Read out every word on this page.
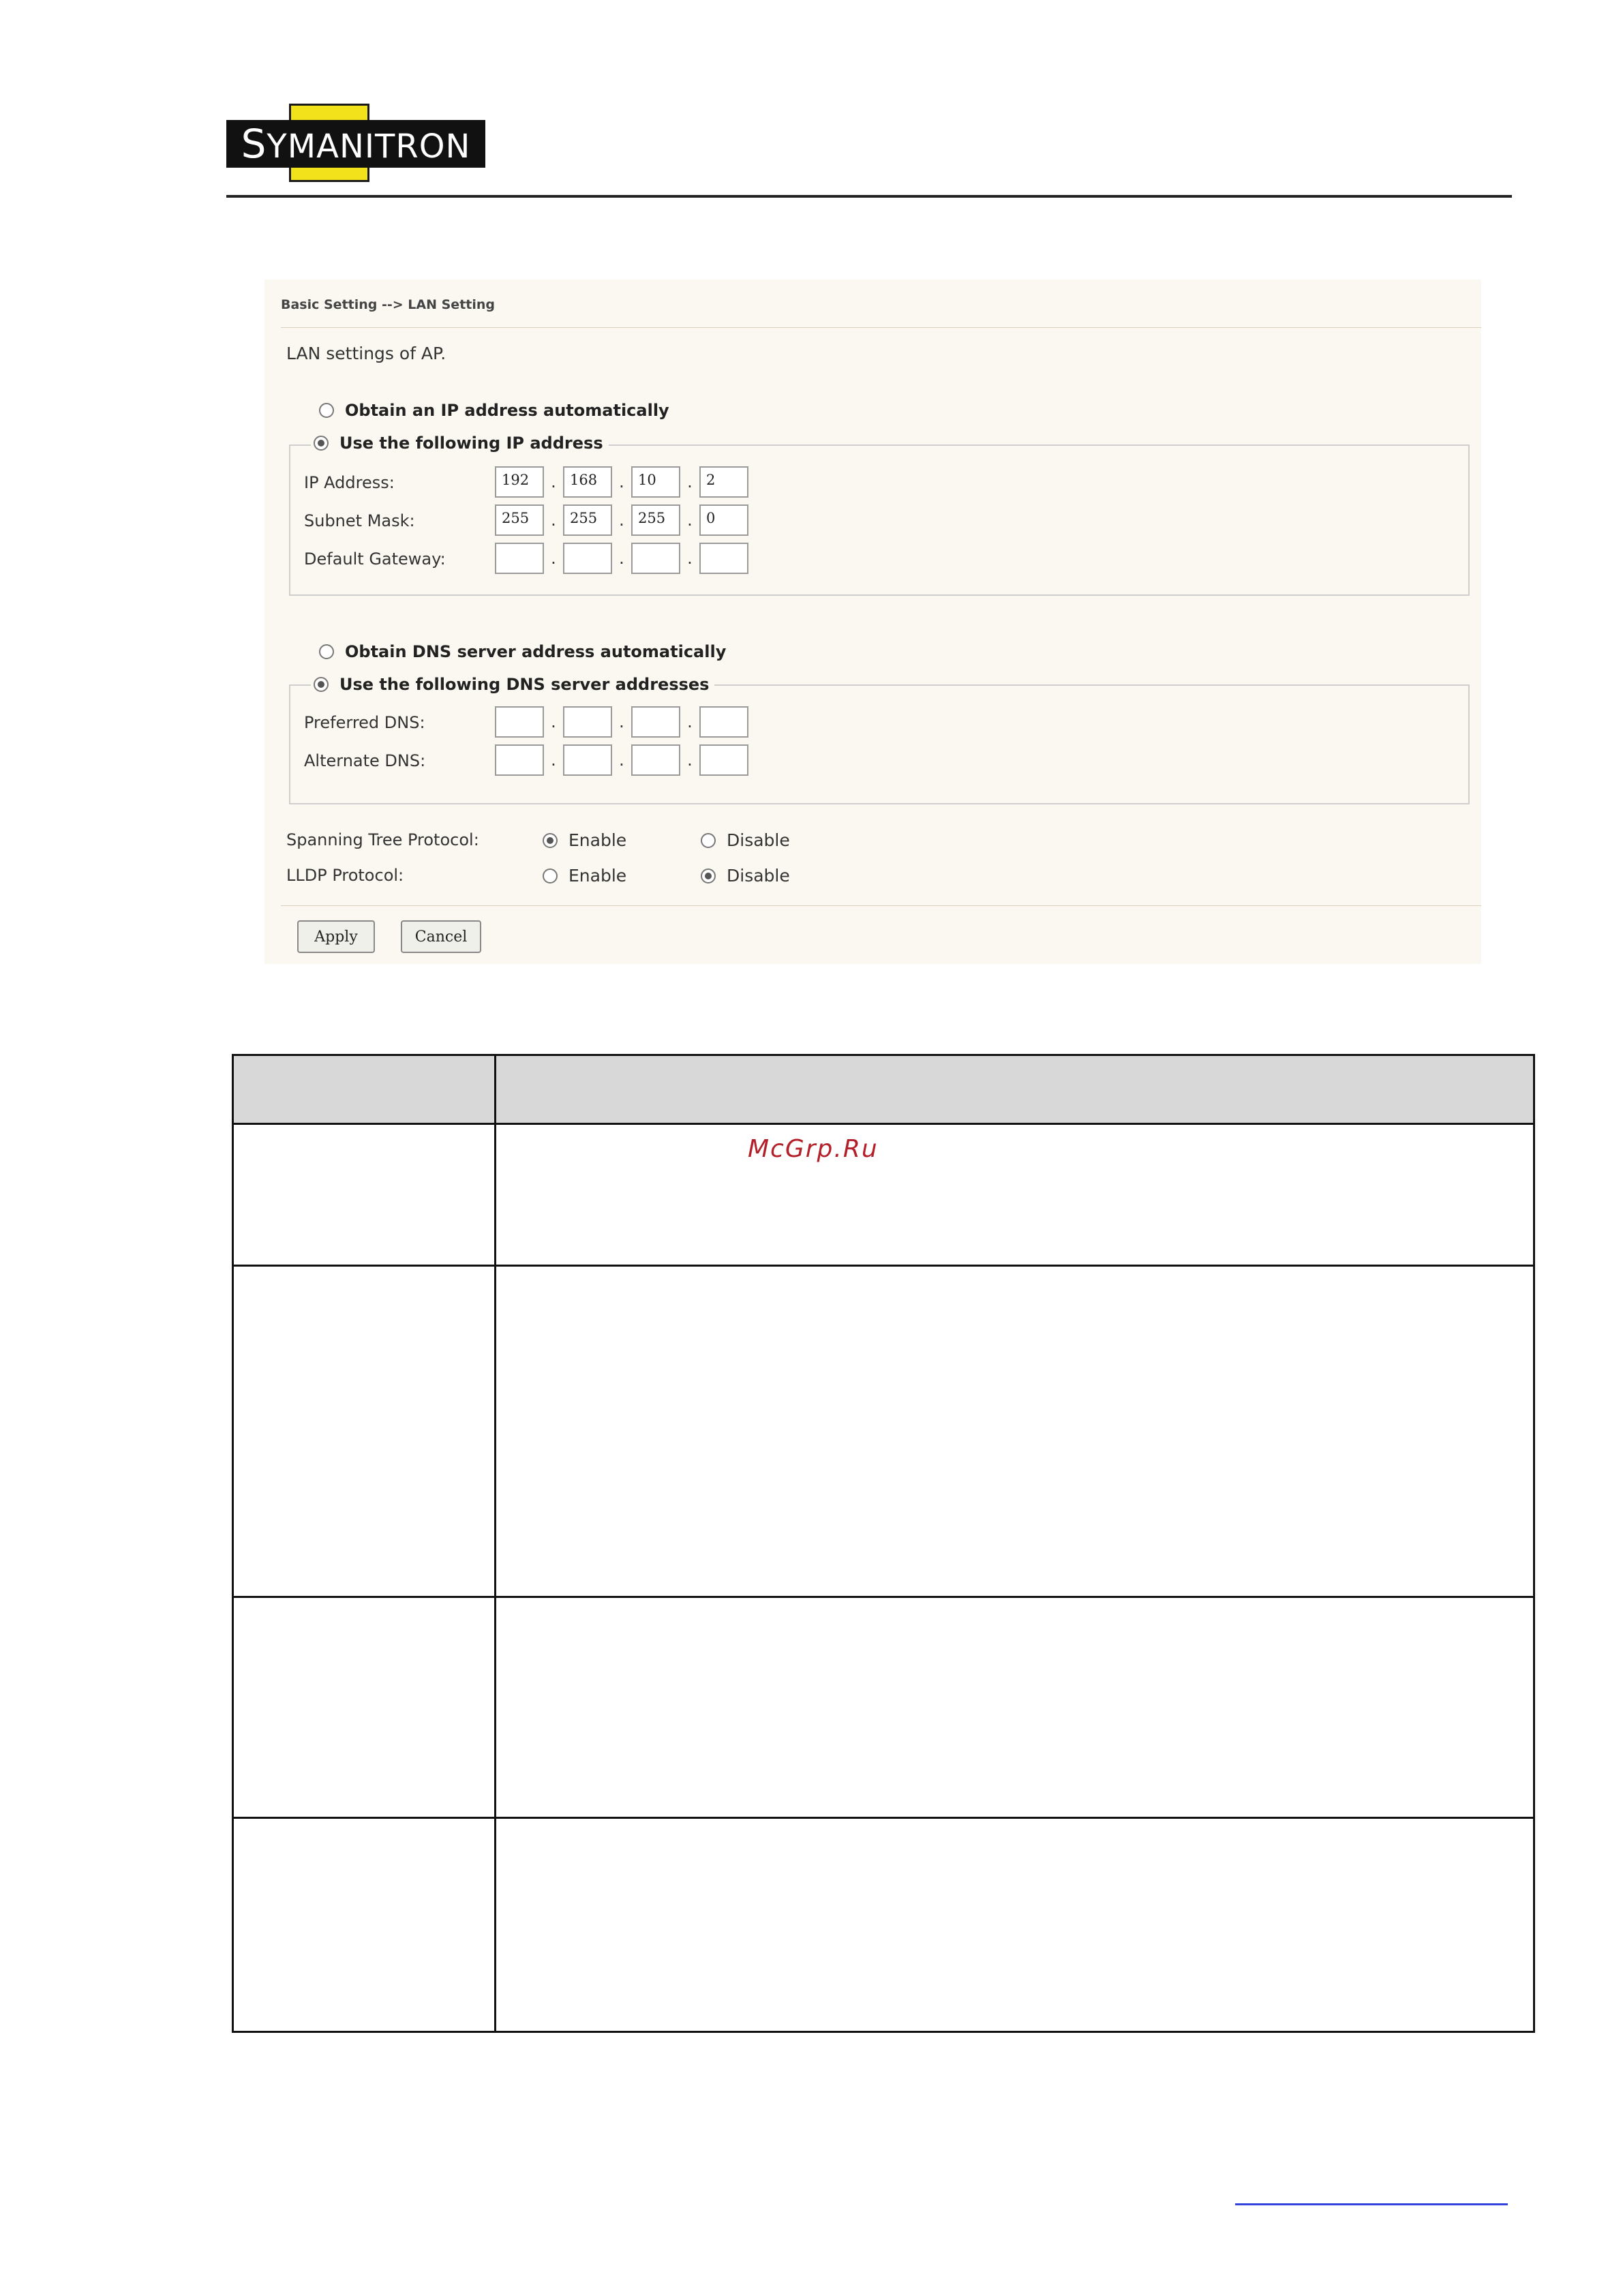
SYMANITRON
Basic Setting --> LAN Setting
LAN settings of AP.
Obtain an IP address automatically
Use the following IP address
IP Address:	192	. 168	. 10	. 2
Subnet Mask:	255	. 255	. 255	. 0
Default Gateway:	.	.	.
Obtain DNS server address automatically
Use the following DNS server addresses
Preferred DNS:	.	.	.
Alternate DNS:	.	.	.
Spanning Tree Protocol:	Enable	Disable
LLDP Protocol:	Enable	Disable
Apply	Cancel
McGrp.Ru
